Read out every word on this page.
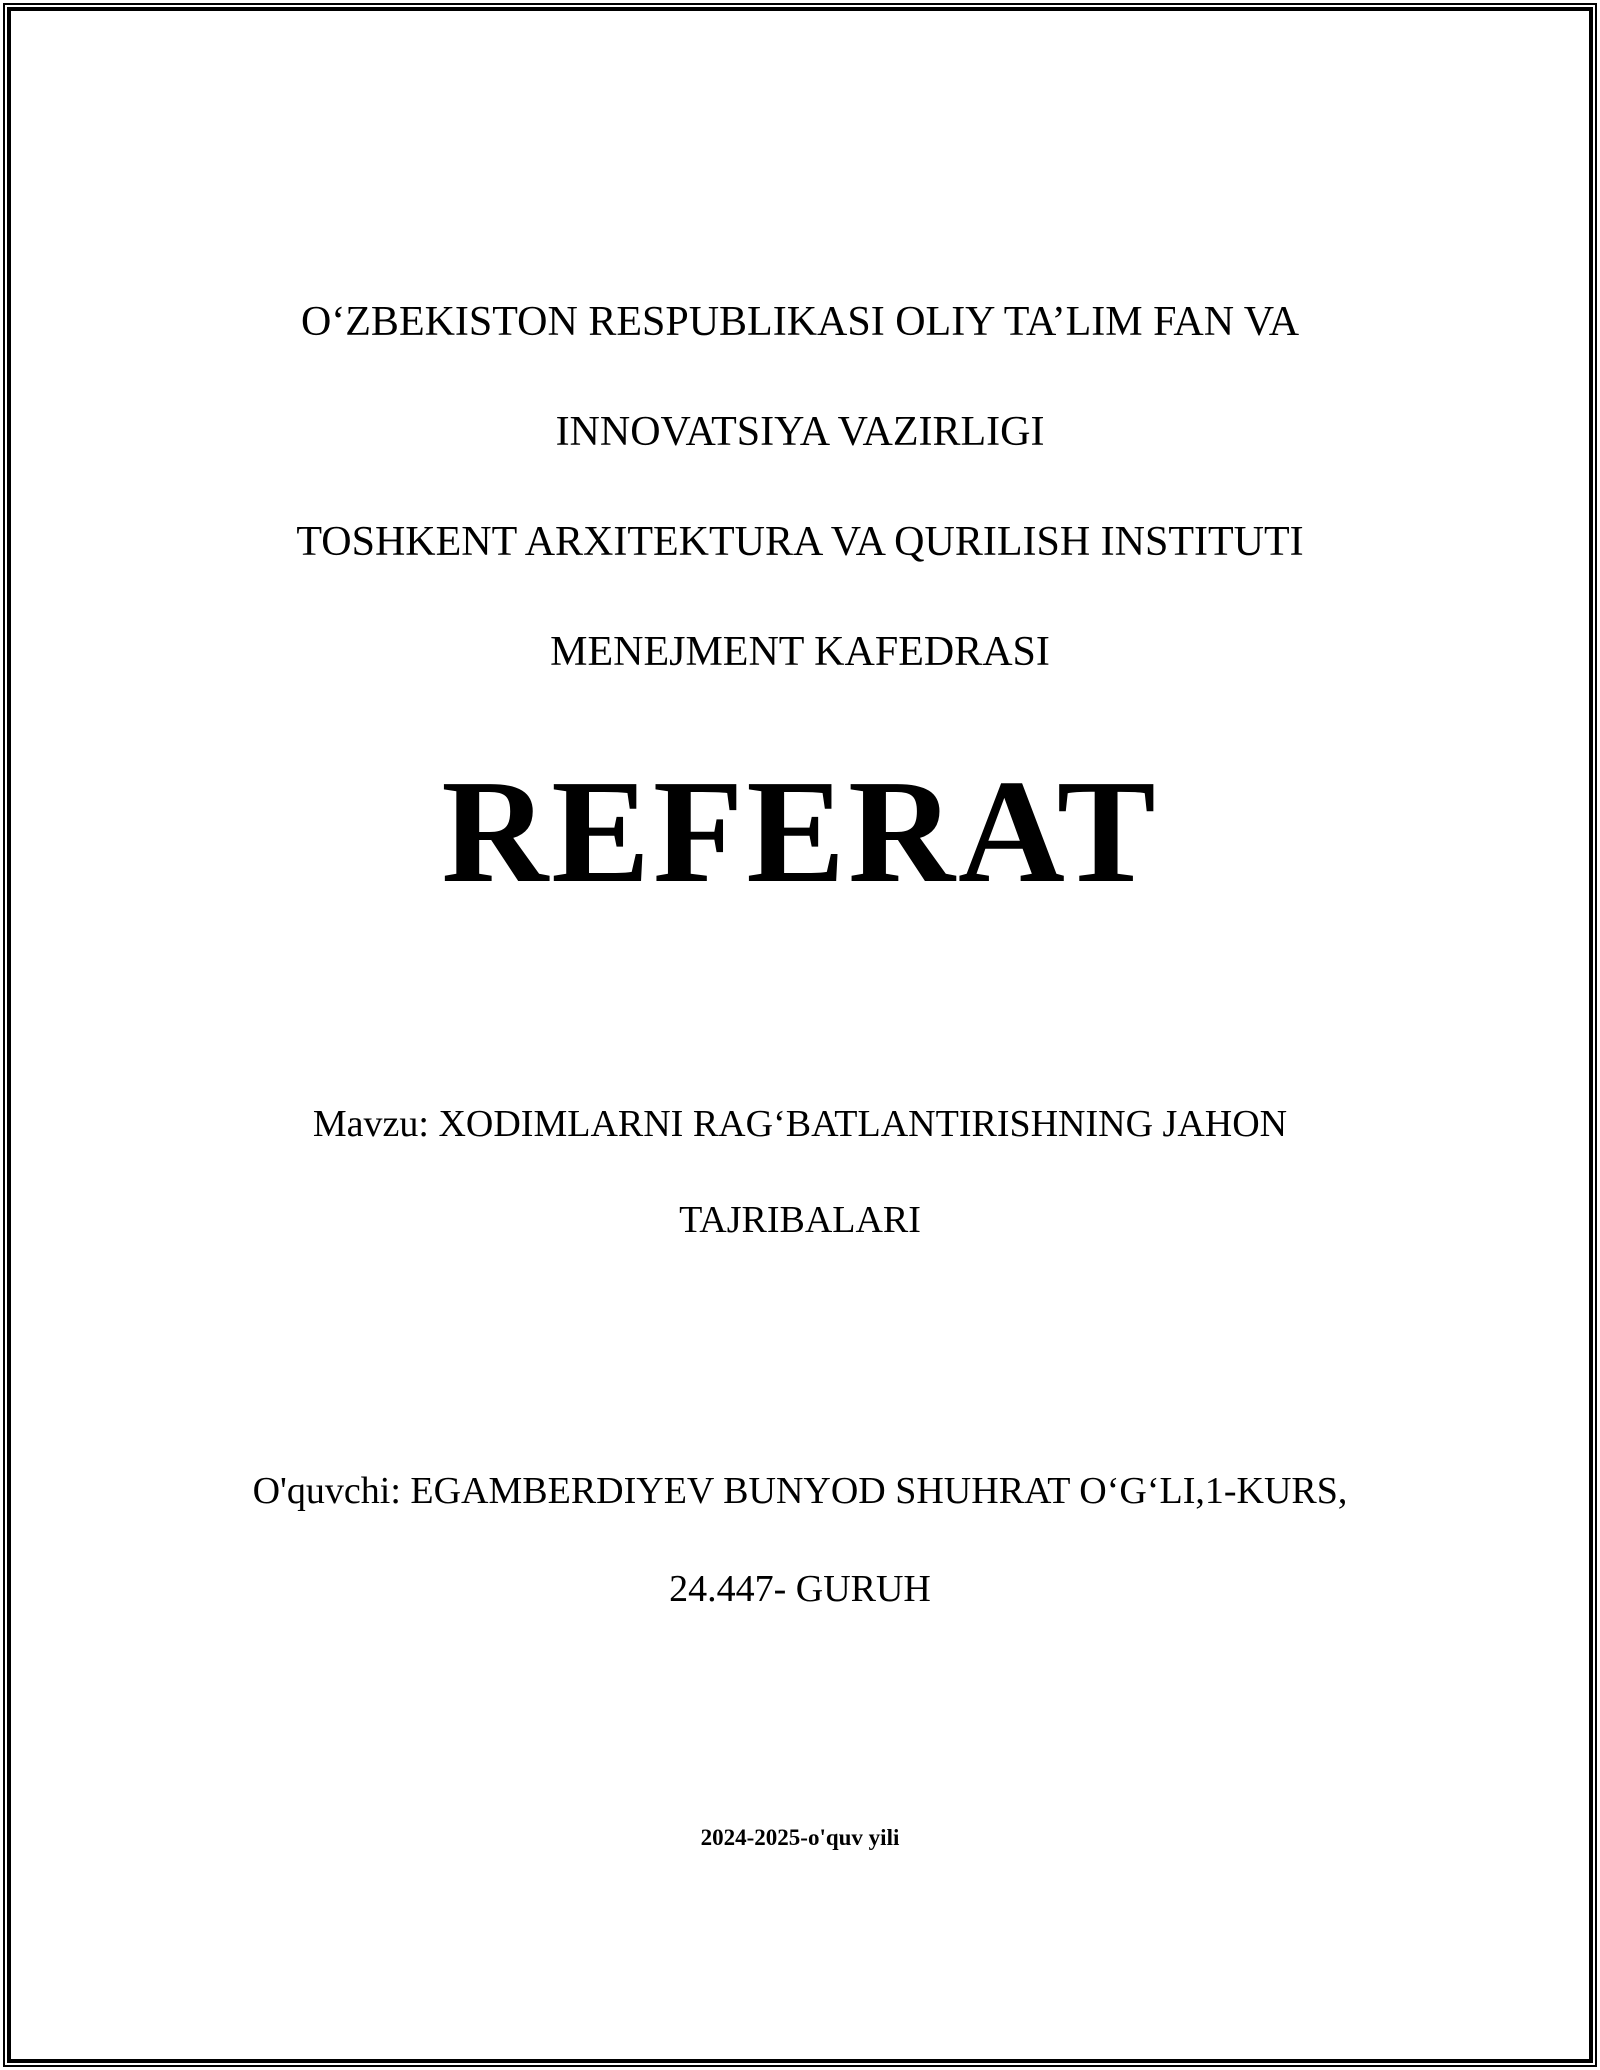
O‘ZBEKISTON RESPUBLIKASI OLIY TA’LIM FAN VA

INNOVATSIYA VAZIRLIGI

TOSHKENT ARXITEKTURA VA QURILISH INSTITUTI

MENEJMENT KAFEDRASI

REFERAT

Mavzu: XODIMLARNI RAG‘BATLANTIRISHNING JAHON

TAJRIBALARI

O'quvchi: EGAMBERDIYEV BUNYOD SHUHRAT O‘G‘LI,1-KURS,

24.447- GURUH

2024-2025-o'quv yili
